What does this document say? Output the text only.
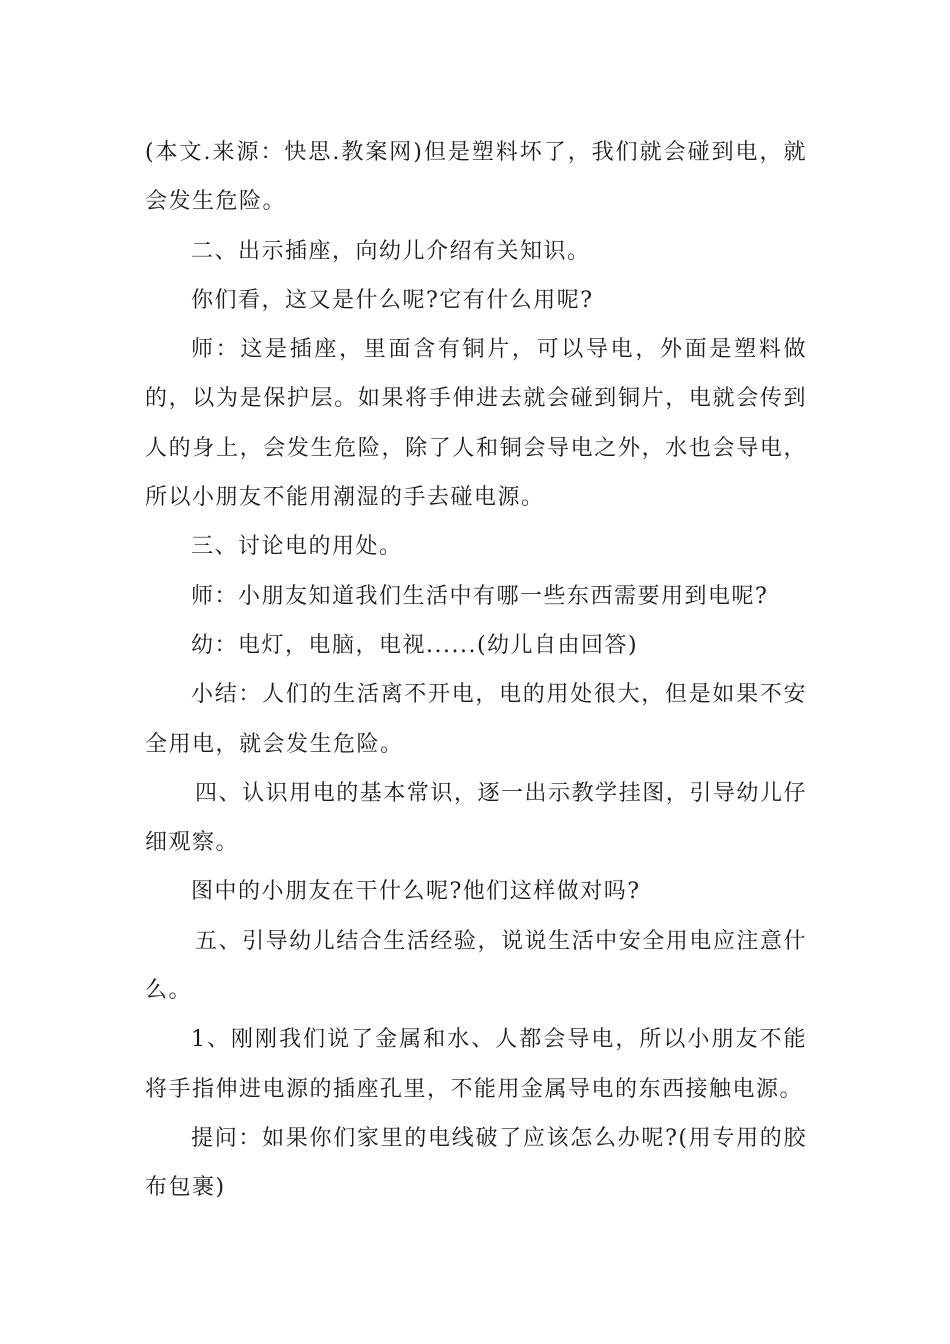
(本文.来源：快思.教案网)但是塑料坏了，我们就会碰到电，就会发生危险。

二、出示插座，向幼儿介绍有关知识。

你们看，这又是什么呢?它有什么用呢?

师：这是插座，里面含有铜片，可以导电，外面是塑料做的，以为是保护层。如果将手伸进去就会碰到铜片，电就会传到人的身上，会发生危险，除了人和铜会导电之外，水也会导电，所以小朋友不能用潮湿的手去碰电源。

三、讨论电的用处。

师：小朋友知道我们生活中有哪一些东西需要用到电呢?

幼：电灯，电脑，电视......(幼儿自由回答)

小结：人们的生活离不开电，电的用处很大，但是如果不安全用电，就会发生危险。

四、认识用电的基本常识，逐一出示教学挂图，引导幼儿仔细观察。

图中的小朋友在干什么呢?他们这样做对吗?

五、引导幼儿结合生活经验，说说生活中安全用电应注意什么。

1、刚刚我们说了金属和水、人都会导电，所以小朋友不能将手指伸进电源的插座孔里，不能用金属导电的东西接触电源。

提问：如果你们家里的电线破了应该怎么办呢?(用专用的胶布包裹)
